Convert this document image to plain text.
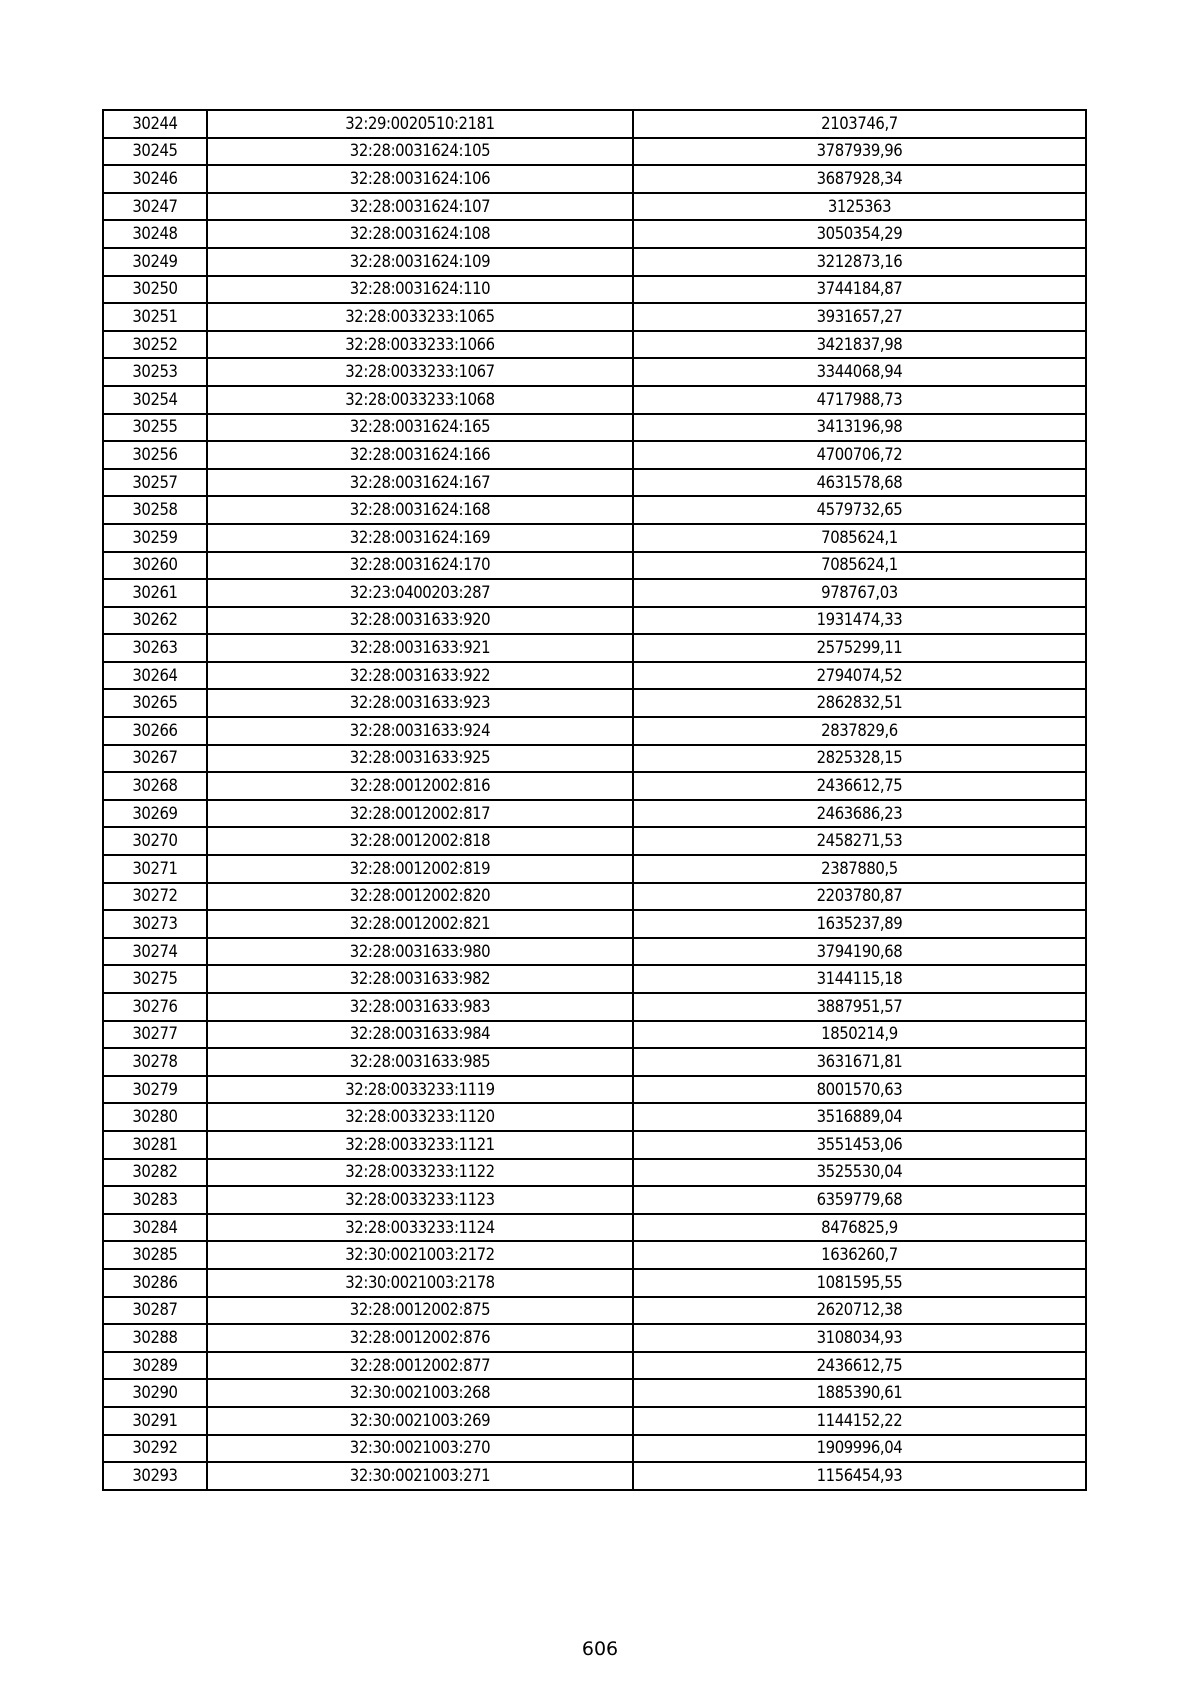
30244	32:29:0020510:2181	2103746,7
30245	32:28:0031624:105	3787939,96
30246	32:28:0031624:106	3687928,34
30247	32:28:0031624:107	3125363
30248	32:28:0031624:108	3050354,29
30249	32:28:0031624:109	3212873,16
30250	32:28:0031624:110	3744184,87
30251	32:28:0033233:1065	3931657,27
30252	32:28:0033233:1066	3421837,98
30253	32:28:0033233:1067	3344068,94
30254	32:28:0033233:1068	4717988,73
30255	32:28:0031624:165	3413196,98
30256	32:28:0031624:166	4700706,72
30257	32:28:0031624:167	4631578,68
30258	32:28:0031624:168	4579732,65
30259	32:28:0031624:169	7085624,1
30260	32:28:0031624:170	7085624,1
30261	32:23:0400203:287	978767,03
30262	32:28:0031633:920	1931474,33
30263	32:28:0031633:921	2575299,11
30264	32:28:0031633:922	2794074,52
30265	32:28:0031633:923	2862832,51
30266	32:28:0031633:924	2837829,6
30267	32:28:0031633:925	2825328,15
30268	32:28:0012002:816	2436612,75
30269	32:28:0012002:817	2463686,23
30270	32:28:0012002:818	2458271,53
30271	32:28:0012002:819	2387880,5
30272	32:28:0012002:820	2203780,87
30273	32:28:0012002:821	1635237,89
30274	32:28:0031633:980	3794190,68
30275	32:28:0031633:982	3144115,18
30276	32:28:0031633:983	3887951,57
30277	32:28:0031633:984	1850214,9
30278	32:28:0031633:985	3631671,81
30279	32:28:0033233:1119	8001570,63
30280	32:28:0033233:1120	3516889,04
30281	32:28:0033233:1121	3551453,06
30282	32:28:0033233:1122	3525530,04
30283	32:28:0033233:1123	6359779,68
30284	32:28:0033233:1124	8476825,9
30285	32:30:0021003:2172	1636260,7
30286	32:30:0021003:2178	1081595,55
30287	32:28:0012002:875	2620712,38
30288	32:28:0012002:876	3108034,93
30289	32:28:0012002:877	2436612,75
30290	32:30:0021003:268	1885390,61
30291	32:30:0021003:269	1144152,22
30292	32:30:0021003:270	1909996,04
30293	32:30:0021003:271	1156454,93
606
